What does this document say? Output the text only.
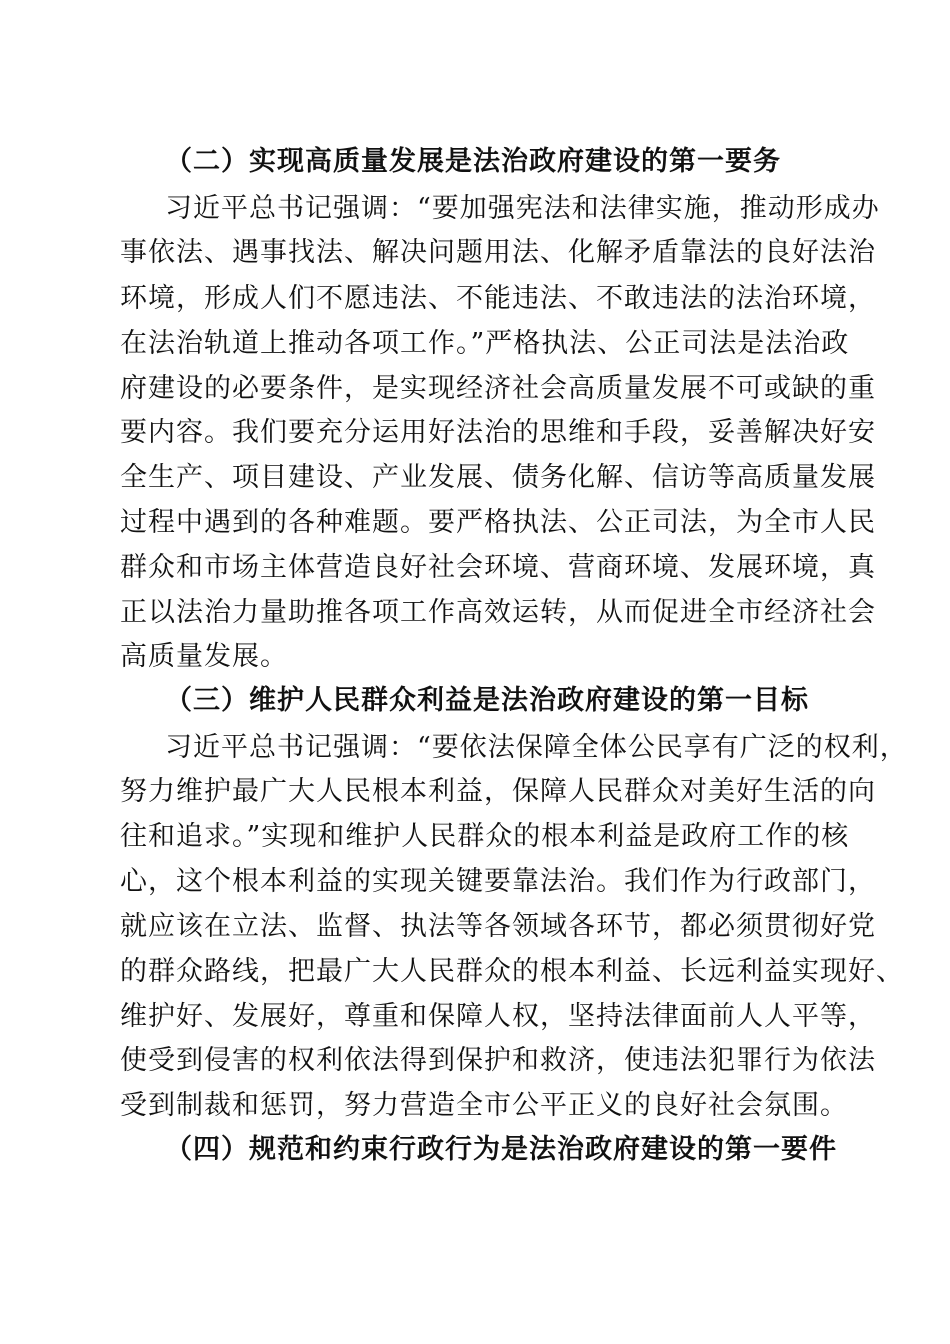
（二）实现高质量发展是法治政府建设的第一要务
习近平总书记强调：“要加强宪法和法律实施，推动形成办
事依法、遇事找法、解决问题用法、化解矛盾靠法的良好法治
环境，形成人们不愿违法、不能违法、不敢违法的法治环境，
在法治轨道上推动各项工作。”严格执法、公正司法是法治政
府建设的必要条件，是实现经济社会高质量发展不可或缺的重
要内容。我们要充分运用好法治的思维和手段，妥善解决好安
全生产、项目建设、产业发展、债务化解、信访等高质量发展
过程中遇到的各种难题。要严格执法、公正司法，为全市人民
群众和市场主体营造良好社会环境、营商环境、发展环境，真
正以法治力量助推各项工作高效运转，从而促进全市经济社会
高质量发展。
（三）维护人民群众利益是法治政府建设的第一目标
习近平总书记强调：“要依法保障全体公民享有广泛的权利，
努力维护最广大人民根本利益，保障人民群众对美好生活的向
往和追求。”实现和维护人民群众的根本利益是政府工作的核
心，这个根本利益的实现关键要靠法治。我们作为行政部门，
就应该在立法、监督、执法等各领域各环节，都必须贯彻好党
的群众路线，把最广大人民群众的根本利益、长远利益实现好、
维护好、发展好，尊重和保障人权，坚持法律面前人人平等，
使受到侵害的权利依法得到保护和救济，使违法犯罪行为依法
受到制裁和惩罚，努力营造全市公平正义的良好社会氛围。
（四）规范和约束行政行为是法治政府建设的第一要件
